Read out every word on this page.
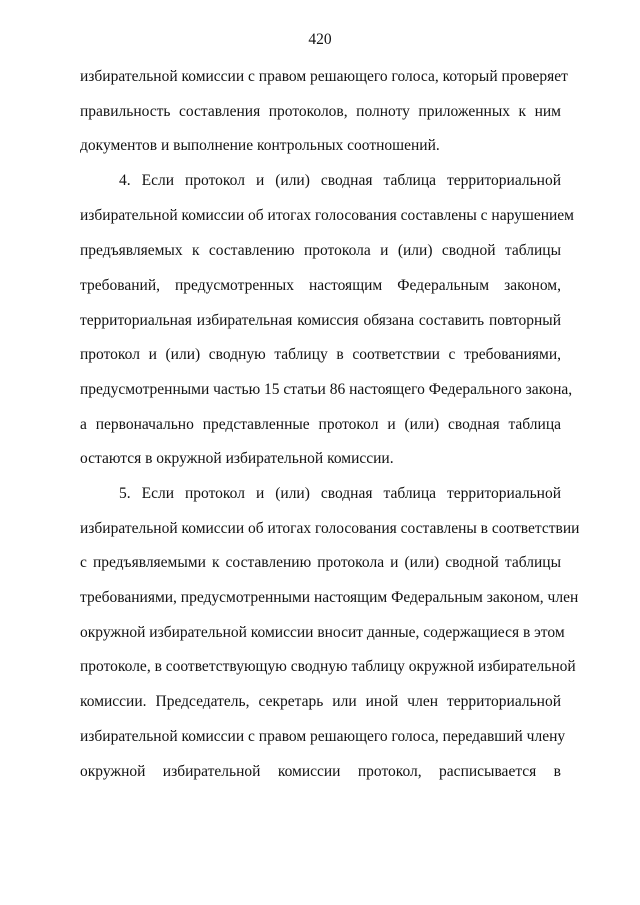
420
избирательной комиссии с правом решающего голоса, который проверяет
правильность составления протоколов, полноту приложенных к ним
документов и выполнение контрольных соотношений.
4. Если протокол и (или) сводная таблица территориальной
избирательной комиссии об итогах голосования составлены с нарушением
предъявляемых к составлению протокола и (или) сводной таблицы
требований, предусмотренных настоящим Федеральным законом,
территориальная избирательная комиссия обязана составить повторный
протокол и (или) сводную таблицу в соответствии с требованиями,
предусмотренными частью 15 статьи 86 настоящего Федерального закона,
а первоначально представленные протокол и (или) сводная таблица
остаются в окружной избирательной комиссии.
5. Если протокол и (или) сводная таблица территориальной
избирательной комиссии об итогах голосования составлены в соответствии
с предъявляемыми к составлению протокола и (или) сводной таблицы
требованиями, предусмотренными настоящим Федеральным законом, член
окружной избирательной комиссии вносит данные, содержащиеся в этом
протоколе, в соответствующую сводную таблицу окружной избирательной
комиссии. Председатель, секретарь или иной член территориальной
избирательной комиссии с правом решающего голоса, передавший члену
окружной избирательной комиссии протокол, расписывается в
